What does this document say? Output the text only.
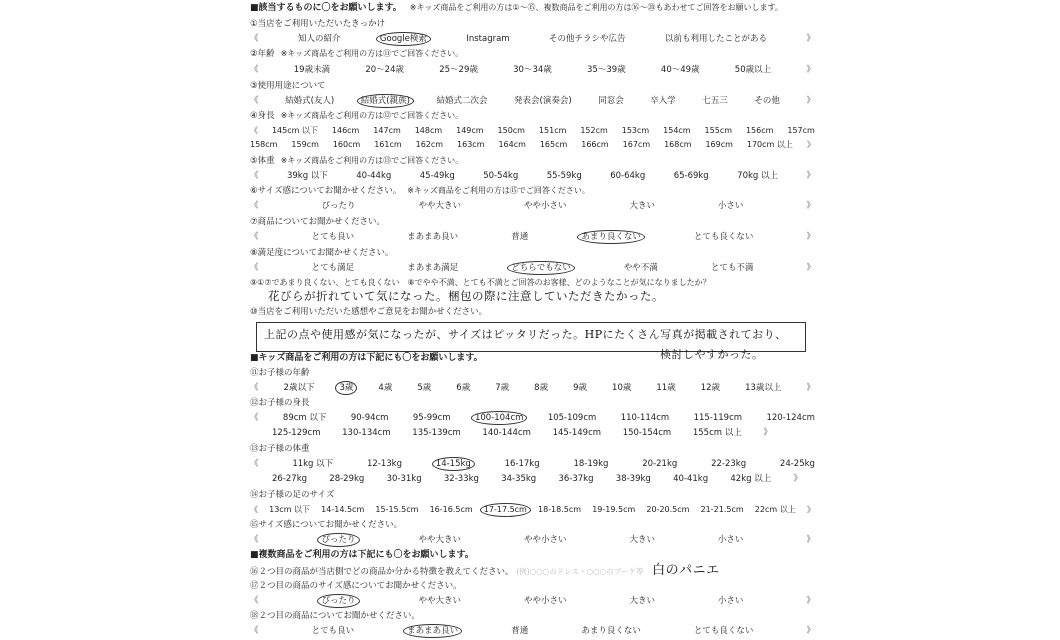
■該当するものに〇をお願いします。 ※キッズ商品をご利用の方は①～⑮、複数商品をご利用の方は⑯～⑳もあわせてご回答をお願いします。
①当店をご利用いただいたきっかけ
《	知人の紹介	Google検索	Instagram	その他チラシや広告	以前も利用したことがある	》
②年齢 ※キッズ商品をご利用の方は⑪でご回答ください。
《	19歳未満	20～24歳	25～29歳	30～34歳	35～39歳	40～49歳	50歳以上	》
③使用用途について
《	結婚式(友人)	結婚式(親族)	結婚式二次会	発表会(演奏会)	同窓会	卒入学	七五三	その他	》
④身長 ※キッズ商品をご利用の方は⑫でご回答ください。
《 145cm 以下 146cm 147cm 148cm 149cm 150cm 151cm 152cm 153cm 154cm 155cm 156cm 157cm
158cm 159cm 160cm 161cm 162cm 163cm 164cm 165cm 166cm 167cm 168cm 169cm 170cm 以上 》
⑤体重 ※キッズ商品をご利用の方は⑬でご回答ください。
《	39kg 以下	40-44kg	45-49kg	50-54kg	55-59kg	60-64kg	65-69kg	70kg 以上	》
⑥サイズ感についてお聞かせください。 ※キッズ商品をご利用の方は⑮でご回答ください。
《	ぴったり	やや大きい	やや小さい	大きい	小さい	》
⑦商品についてお聞かせください。
《	とても良い	まあまあ良い	普通	あまり良くない	とても良くない	》
⑧満足度についてお聞かせください。
《	とても満足	まあまあ満足	どちらでもない	やや不満	とても不満	》
⑨①⑦であまり良くない、とても良くない　⑧でやや不満、とても不満とご回答のお客様、どのようなことが気になりましたか？
花びらが折れていて気になった。梱包の際に注意していただきたかった。
⑩当店をご利用いただいた感想やご意見をお聞かせください。
上記の点や使用感が気になったが、サイズはピッタリだった。HPにたくさん写真が掲載されており、
検討しやすかった。
■キッズ商品をご利用の方は下記にも〇をお願いします。
⑪お子様の年齢
《	2歳以下	3歳	4歳	5歳	6歳	7歳	8歳	9歳	10歳	11歳	12歳	13歳以上	》
⑫お子様の身長
《	89cm 以下	90-94cm	95-99cm	100-104cm	105-109cm	110-114cm	115-119cm	120-124cm
125-129cm	130-134cm	135-139cm	140-144cm	145-149cm	150-154cm	155cm 以上	》
⑬お子様の体重
《	11kg 以下	12-13kg	14-15kg	16-17kg	18-19kg	20-21kg	22-23kg	24-25kg
26-27kg	28-29kg	30-31kg	32-33kg	34-35kg	36-37kg	38-39kg	40-41kg	42kg 以上	》
⑭お子様の足のサイズ
《 13cm 以下 14-14.5cm 15-15.5cm 16-16.5cm	17-17.5cm	18-18.5cm 19-19.5cm 20-20.5cm 21-21.5cm 22cm 以上 》
⑮サイズ感についてお聞かせください。
《	ぴったり	やや大きい	やや小さい	大きい	小さい	》
■複数商品をご利用の方は下記にも〇をお願いします。
⑯２つ目の商品が当店側でどの商品か分かる特徴を教えてください。 (例)○○○のドレス・○○○のブーケ等 白のパニエ
⑰２つ目の商品のサイズ感についてお聞かせください。
《	ぴったり	やや大きい	やや小さい	大きい	小さい	》
⑱２つ目の商品についてお聞かせください。
《	とても良い	まあまあ良い	普通	あまり良くない	とても良くない	》
